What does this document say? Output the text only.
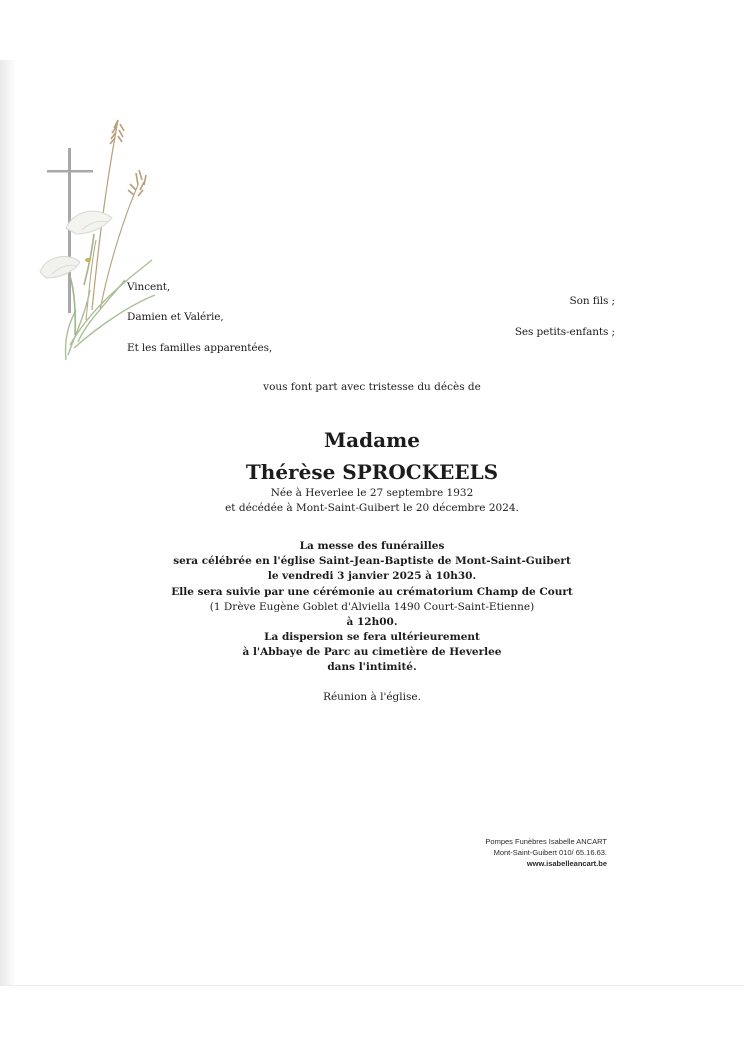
Vincent,
Son fils ;
Damien et Valérie,
Ses petits-enfants ;
Et les familles apparentées,
vous font part avec tristesse du décès de
Madame
Thérèse SPROCKEELS
Née à Heverlee le 27 septembre 1932
et décédée à Mont-Saint-Guibert le 20 décembre 2024.
La messe des funérailles
sera célébrée en l'église Saint-Jean-Baptiste de Mont-Saint-Guibert
le vendredi 3 janvier 2025 à 10h30.
Elle sera suivie par une cérémonie au crématorium Champ de Court
(1 Drève Eugène Goblet d'Alviella 1490 Court-Saint-Etienne)
à 12h00.
La dispersion se fera ultérieurement
à l'Abbaye de Parc au cimetière de Heverlee
dans l'intimité.
Réunion à l'église.
Pompes Funèbres Isabelle ANCART
Mont-Saint-Guibert 010/ 65.16.63.
www.isabelleancart.be
